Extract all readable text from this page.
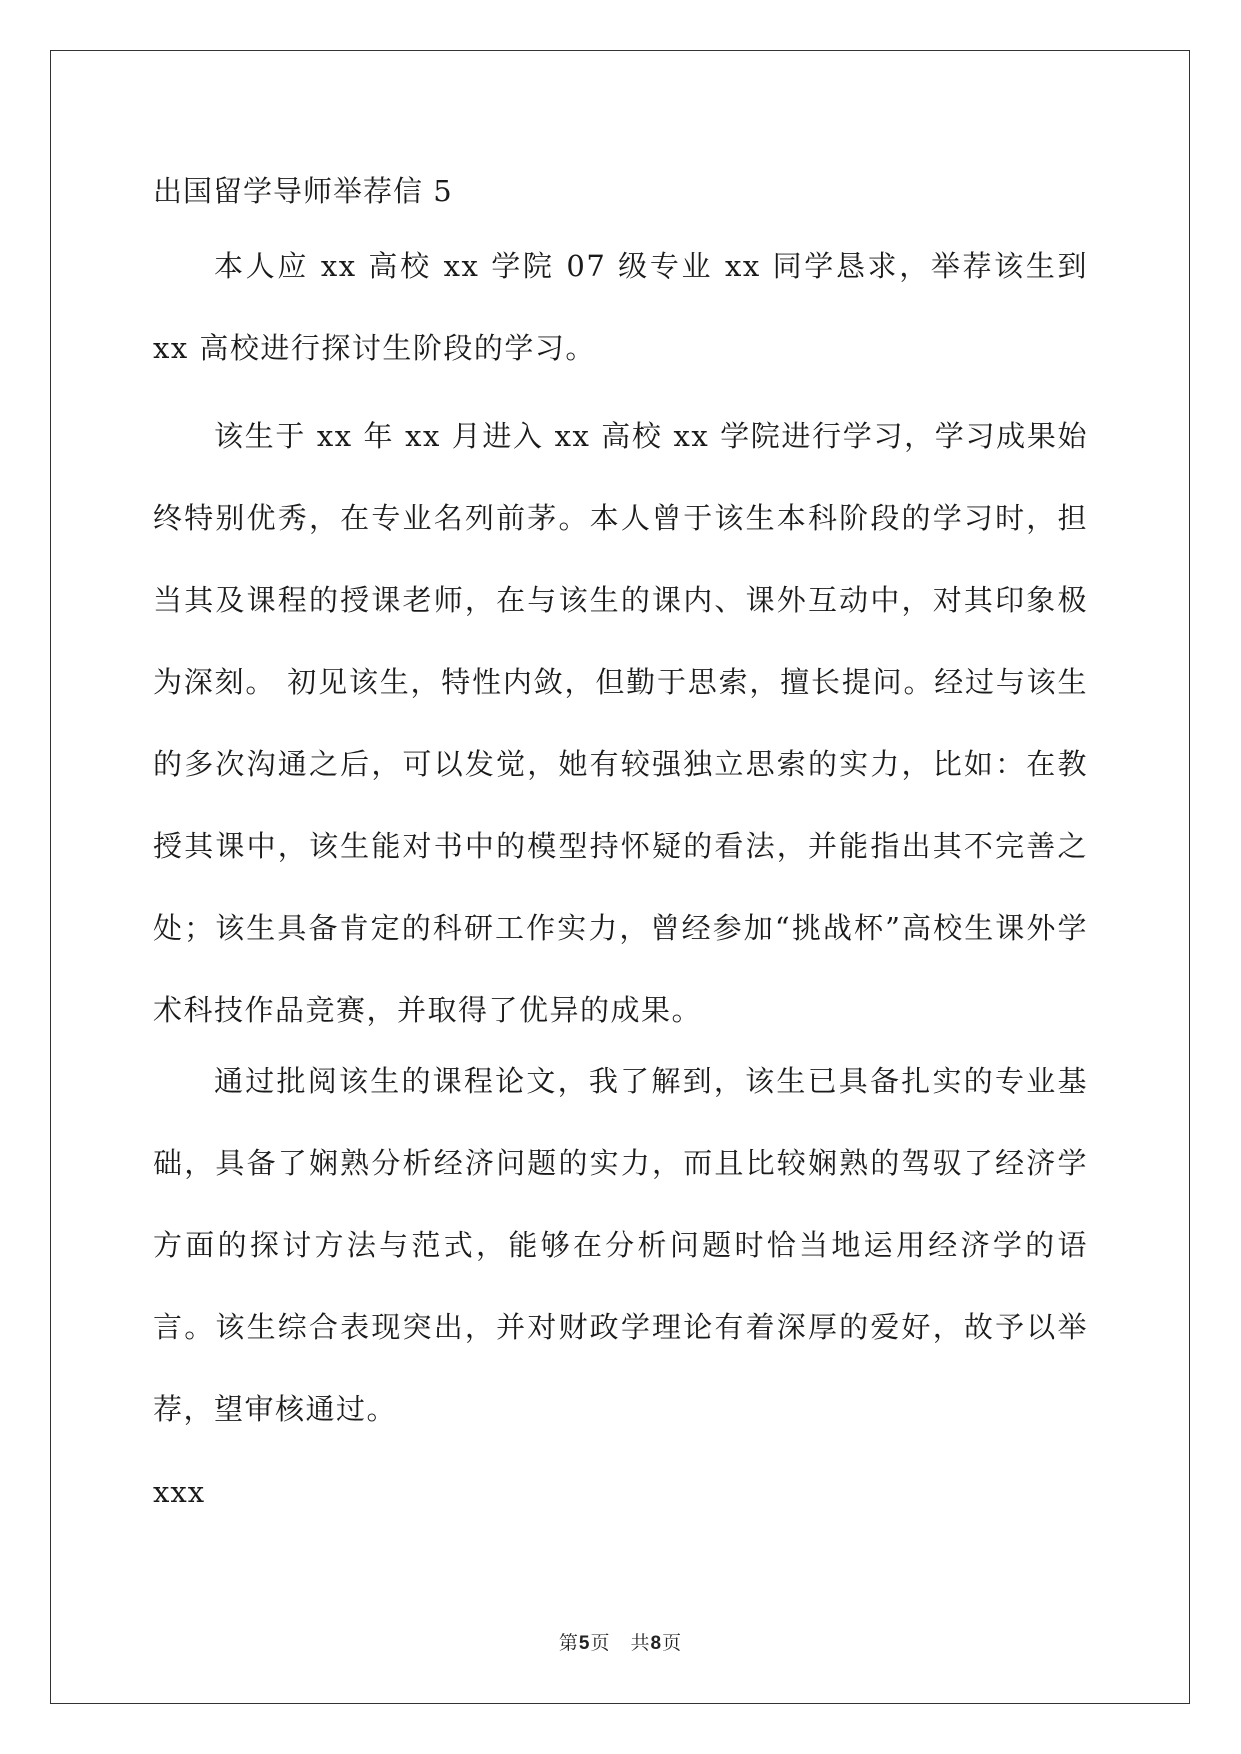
出国留学导师举荐信 5

本人应 xx 高校 xx 学院 07 级专业 xx 同学恳求，举荐该生到 xx 高校进行探讨生阶段的学习。

该生于 xx 年 xx 月进入 xx 高校 xx 学院进行学习，学习成果始终特别优秀，在专业名列前茅。本人曾于该生本科阶段的学习时，担当其及课程的授课老师，在与该生的课内、课外互动中，对其印象极为深刻。 初见该生，特性内敛，但勤于思索，擅长提问。经过与该生的多次沟通之后，可以发觉，她有较强独立思索的实力，比如：在教授其课中，该生能对书中的模型持怀疑的看法，并能指出其不完善之处；该生具备肯定的科研工作实力，曾经参加“挑战杯”高校生课外学术科技作品竞赛，并取得了优异的成果。

通过批阅该生的课程论文，我了解到，该生已具备扎实的专业基础，具备了娴熟分析经济问题的实力，而且比较娴熟的驾驭了经济学方面的探讨方法与范式，能够在分析问题时恰当地运用经济学的语言。该生综合表现突出，并对财政学理论有着深厚的爱好，故予以举荐，望审核通过。

xxx
第5页 共8页
